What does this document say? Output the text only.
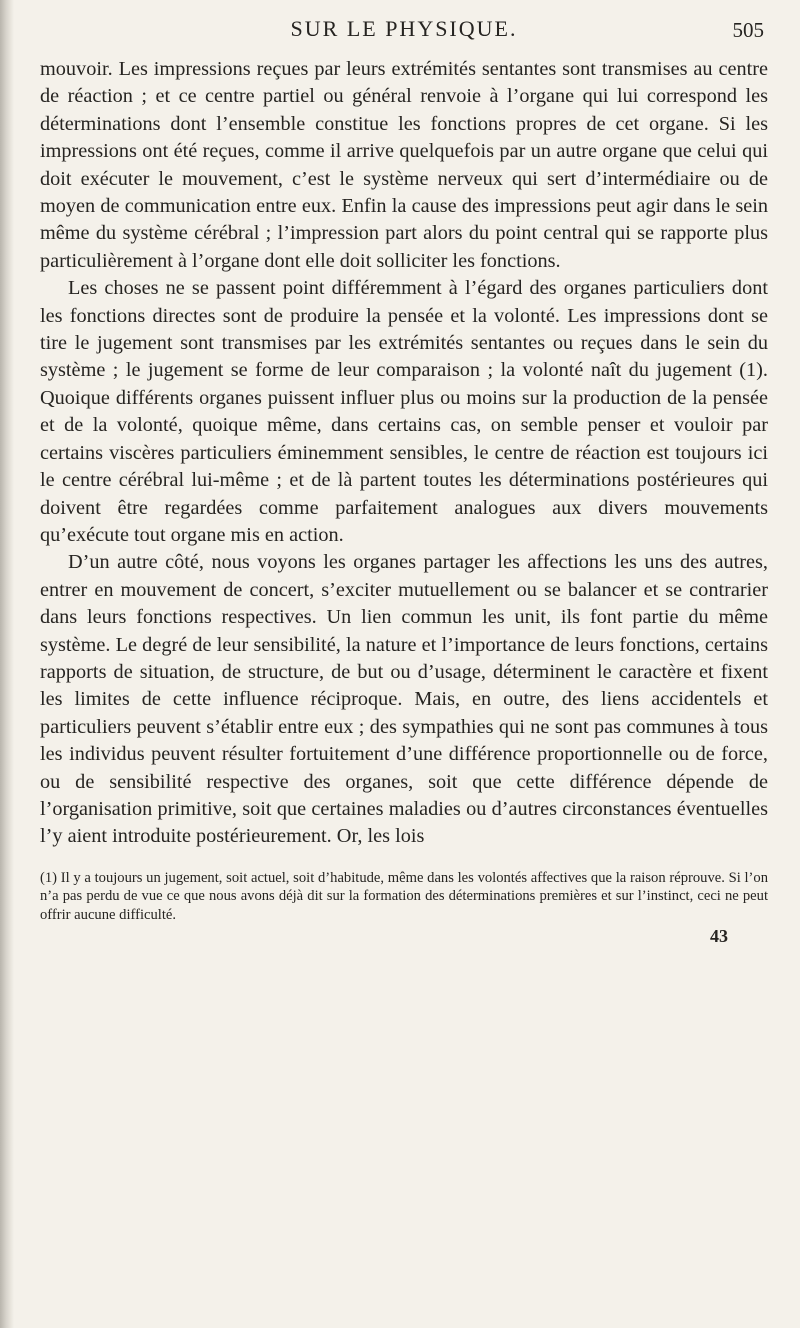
SUR LE PHYSIQUE.	505

mouvoir. Les impressions reçues par leurs extrémités sentantes sont transmises au centre de réaction ; et ce centre partiel ou général renvoie à l’organe qui lui correspond les déterminations dont l’ensemble constitue les fonctions propres de cet organe. Si les impressions ont été reçues, comme il arrive quelquefois par un autre organe que celui qui doit exécuter le mouvement, c’est le système nerveux qui sert d’intermédiaire ou de moyen de communication entre eux. Enfin la cause des impressions peut agir dans le sein même du système cérébral ; l’impression part alors du point central qui se rapporte plus particulièrement à l’organe dont elle doit solliciter les fonctions.

Les choses ne se passent point différemment à l’égard des organes particuliers dont les fonctions directes sont de produire la pensée et la volonté. Les impressions dont se tire le jugement sont transmises par les extrémités sentantes ou reçues dans le sein du système ; le jugement se forme de leur comparaison ; la volonté naît du jugement (1). Quoique différents organes puissent influer plus ou moins sur la production de la pensée et de la volonté, quoique même, dans certains cas, on semble penser et vouloir par certains viscères particuliers éminemment sensibles, le centre de réaction est toujours ici le centre cérébral lui-même ; et de là partent toutes les déterminations postérieures qui doivent être regardées comme parfaitement analogues aux divers mouvements qu’exécute tout organe mis en action.

D’un autre côté, nous voyons les organes partager les affections les uns des autres, entrer en mouvement de concert, s’exciter mutuellement ou se balancer et se contrarier dans leurs fonctions respectives. Un lien commun les unit, ils font partie du même système. Le degré de leur sensibilité, la nature et l’importance de leurs fonctions, certains rapports de situation, de structure, de but ou d’usage, déterminent le caractère et fixent les limites de cette influence réciproque. Mais, en outre, des liens accidentels et particuliers peuvent s’établir entre eux ; des sympathies qui ne sont pas communes à tous les individus peuvent résulter fortuitement d’une différence proportionnelle ou de force, ou de sensibilité respective des organes, soit que cette différence dépende de l’organisation primitive, soit que certaines maladies ou d’autres circonstances éventuelles l’y aient introduite postérieurement. Or, les lois

(1) Il y a toujours un jugement, soit actuel, soit d’habitude, même dans les volontés affectives que la raison réprouve. Si l’on n’a pas perdu de vue ce que nous avons déjà dit sur la formation des déterminations premières et sur l’instinct, ceci ne peut offrir aucune difficulté.

43
